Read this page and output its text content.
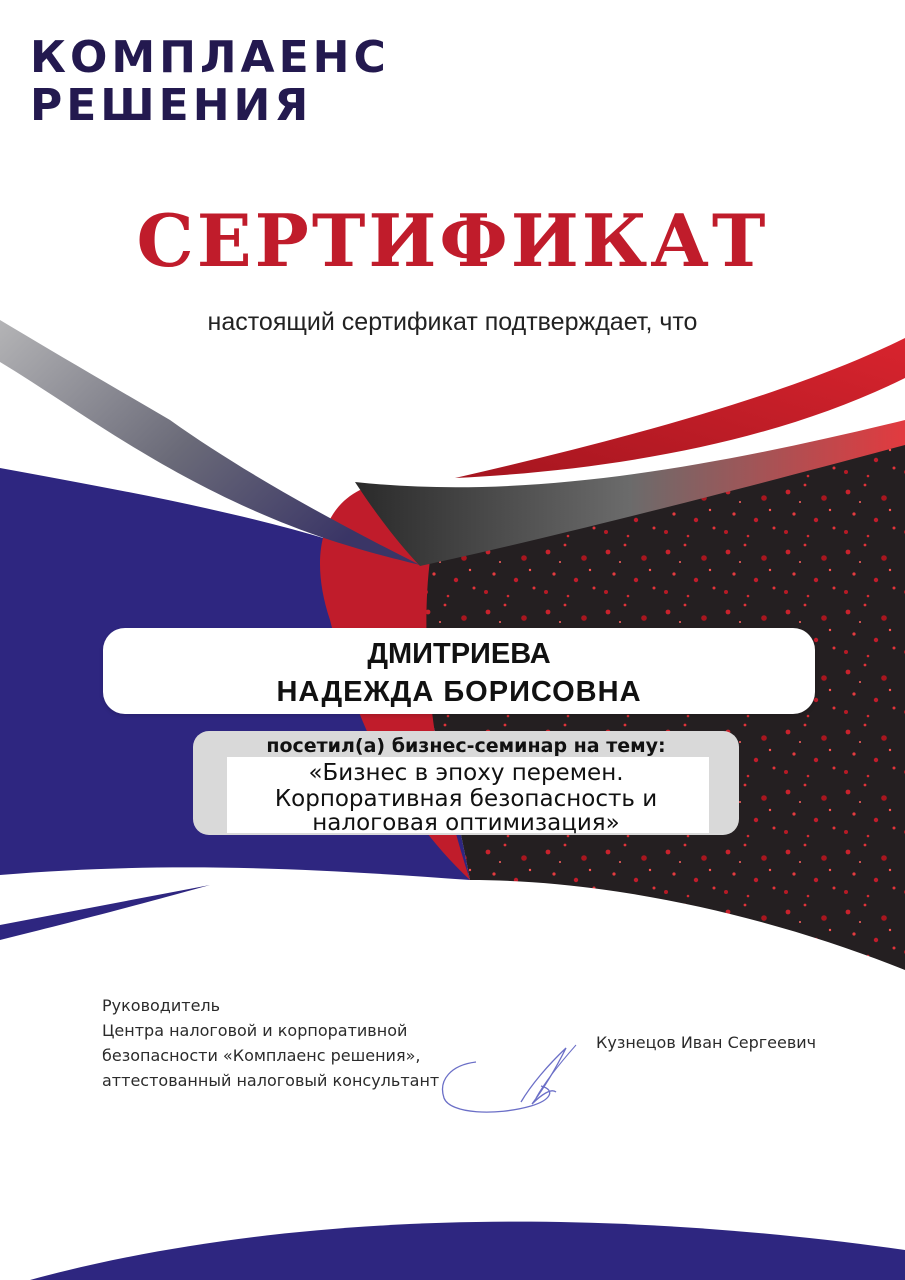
КОМПЛАЕНС
РЕШЕНИЯ
СЕРТИФИКАТ
настоящий сертификат подтверждает, что
ДМИТРИЕВА
НАДЕЖДА БОРИСОВНА
посетил(а) бизнес-семинар на тему:
«Бизнес в эпоху перемен.
Корпоративная безопасность и
налоговая оптимизация»
Руководитель
Центра налоговой и корпоративной
безопасности «Комплаенс решения»,
аттестованный налоговый консультант
Кузнецов Иван Сергеевич
